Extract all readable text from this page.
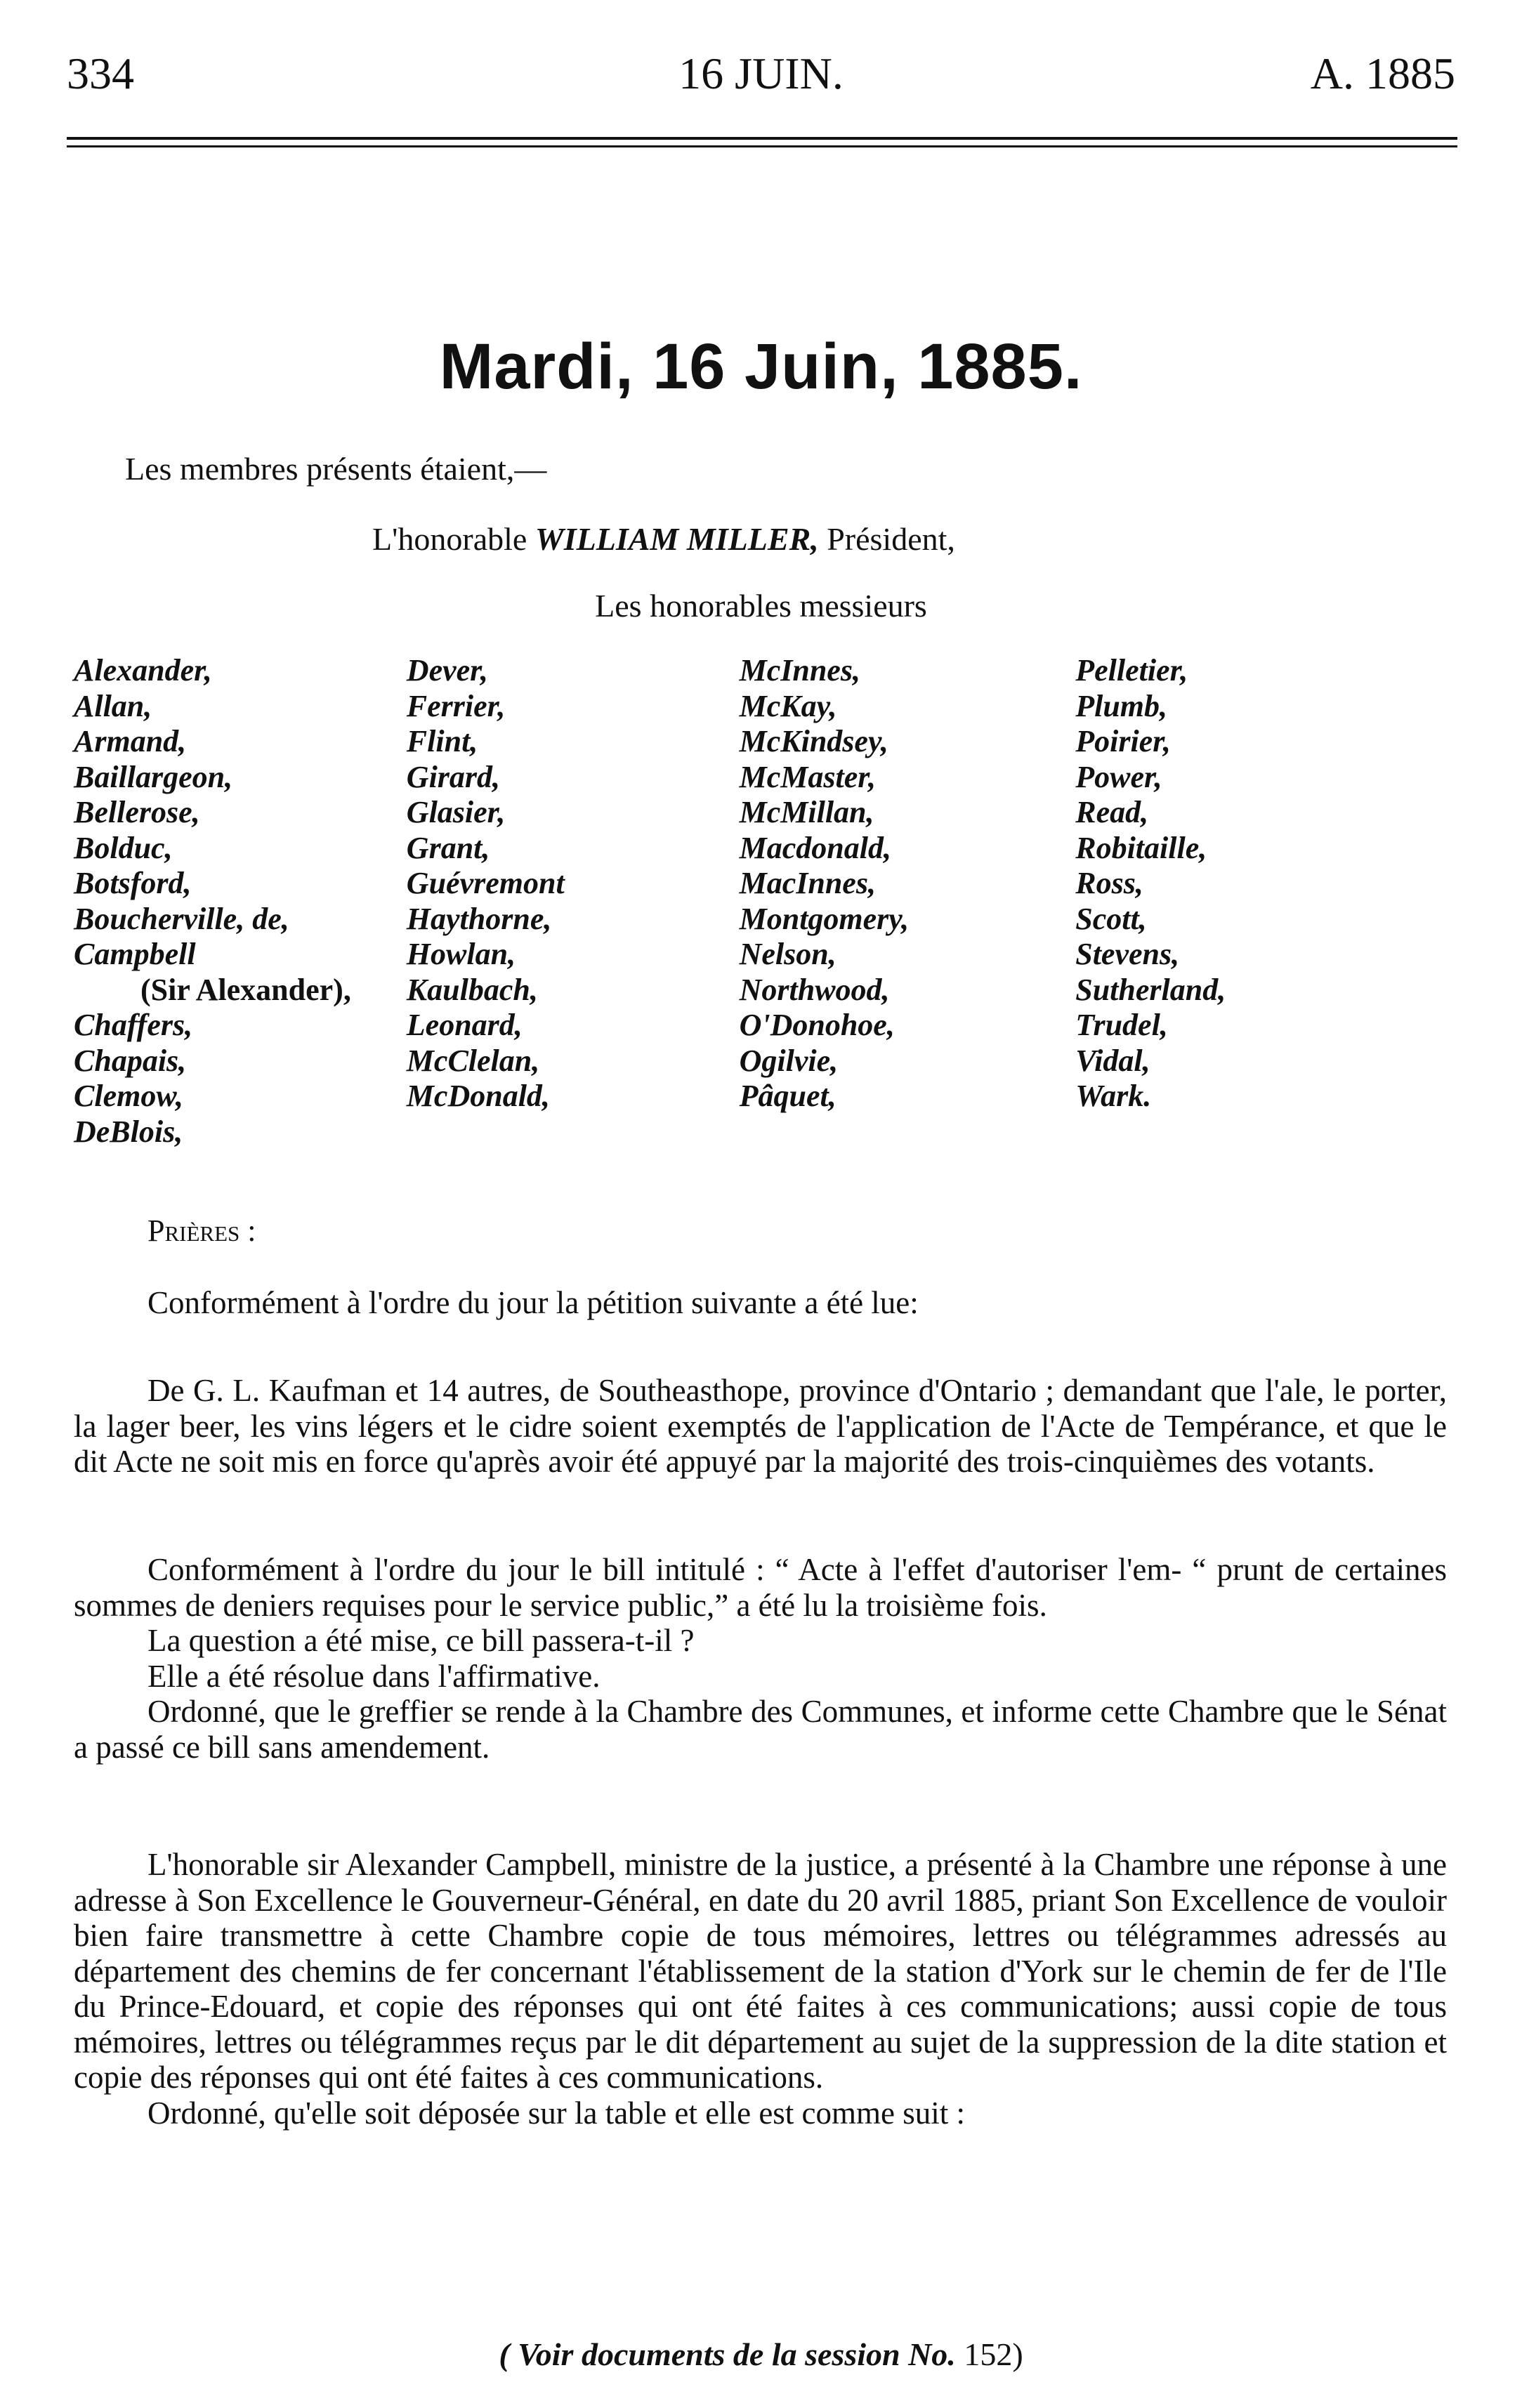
334	16 JUIN.	A. 1885
Mardi, 16 Juin, 1885.
Les membres présents étaient,—
L'honorable WILLIAM MILLER, Président,
Les honorables messieurs
Alexander,
Allan,
Armand,
Baillargeon,
Bellerose,
Bolduc,
Botsford,
Boucherville, de,
Campbell
(Sir Alexander),
Chaffers,
Chapais,
Clemow,
DeBlois,
Dever,
Ferrier,
Flint,
Girard,
Glasier,
Grant,
Guévremont
Haythorne,
Howlan,
Kaulbach,
Leonard,
McClelan,
McDonald,
McInnes,
McKay,
McKindsey,
McMaster,
McMillan,
Macdonald,
MacInnes,
Montgomery,
Nelson,
Northwood,
O'Donohoe,
Ogilvie,
Pâquet,
Pelletier,
Plumb,
Poirier,
Power,
Read,
Robitaille,
Ross,
Scott,
Stevens,
Sutherland,
Trudel,
Vidal,
Wark.
Prières :

Conformément à l'ordre du jour la pétition suivante a été lue:

De G. L. Kaufman et 14 autres, de Southeasthope, province d'Ontario ; demandant que l'ale, le porter, la lager beer, les vins légers et le cidre soient exemptés de l'application de l'Acte de Tempérance, et que le dit Acte ne soit mis en force qu'après avoir été appuyé par la majorité des trois-cinquièmes des votants.

Conformément à l'ordre du jour le bill intitulé : “ Acte à l'effet d'autoriser l'em- “ prunt de certaines sommes de deniers requises pour le service public,” a été lu la troisième fois.

La question a été mise, ce bill passera-t-il ?

Elle a été résolue dans l'affirmative.

Ordonné, que le greffier se rende à la Chambre des Communes, et informe cette Chambre que le Sénat a passé ce bill sans amendement.

L'honorable sir Alexander Campbell, ministre de la justice, a présenté à la Chambre une réponse à une adresse à Son Excellence le Gouverneur-Général, en date du 20 avril 1885, priant Son Excellence de vouloir bien faire transmettre à cette Chambre copie de tous mémoires, lettres ou télégrammes adressés au département des chemins de fer concernant l'établissement de la station d'York sur le chemin de fer de l'Ile du Prince-Edouard, et copie des réponses qui ont été faites à ces communications; aussi copie de tous mémoires, lettres ou télégrammes reçus par le dit département au sujet de la suppression de la dite station et copie des réponses qui ont été faites à ces communications.

Ordonné, qu'elle soit déposée sur la table et elle est comme suit :

( Voir documents de la session No. 152)
